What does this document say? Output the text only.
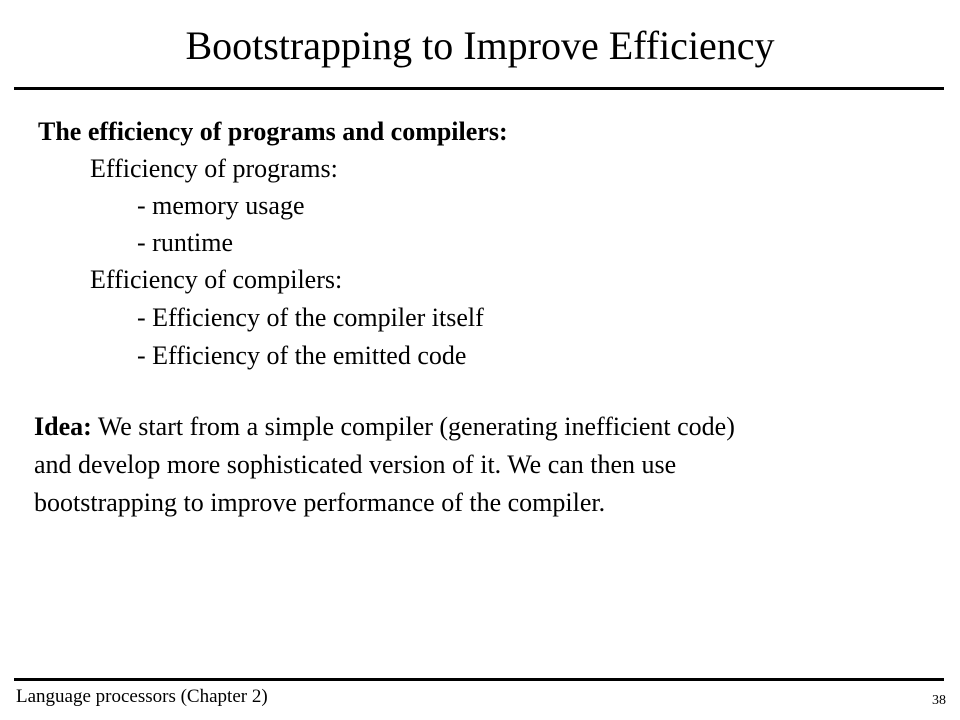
Bootstrapping to Improve Efficiency
The efficiency of programs and compilers:
Efficiency of programs:
- memory usage
- runtime
Efficiency of compilers:
- Efficiency of the compiler itself
- Efficiency of the emitted code
Idea: We start from a simple compiler (generating inefficient code)
and develop more sophisticated version of it. We can then use
bootstrapping to improve performance of the compiler.
Language processors (Chapter 2)	38
